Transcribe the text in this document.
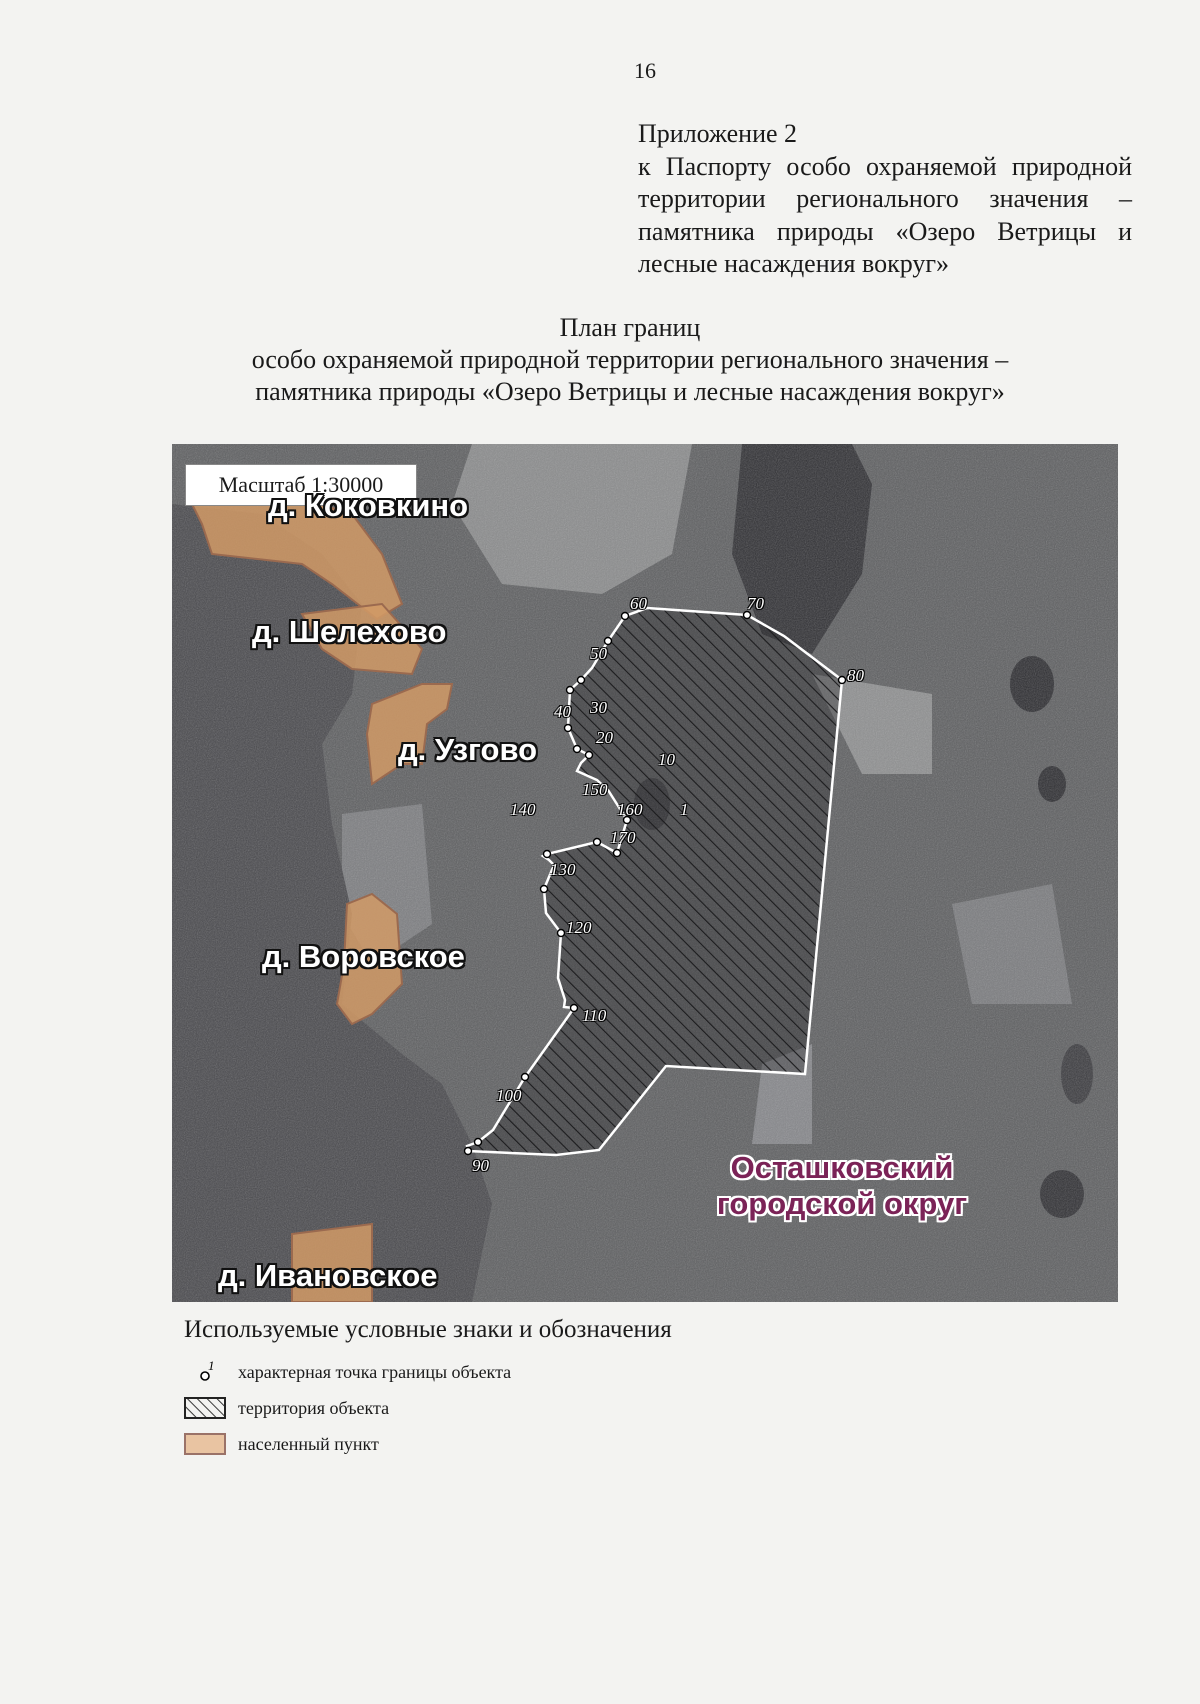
16
Приложение 2
к Паспорту особо охраняемой природной территории регионального значения – памятника природы «Озеро Ветрицы и лесные насаждения вокруг»
План границ
особо охраняемой природной территории регионального значения –
памятника природы «Озеро Ветрицы и лесные насаждения вокруг»
Масштаб 1:30000
д. Коковкино
д. Шелехово
д. Узгово
д. Воровское
д. Ивановское
Осташковский
городской округ
60	70
50
80
40 30
20
10
150
140	160 1
170
130
120
110
100
90
Используемые условные знаки и обозначения
1 характерная точка границы объекта
территория объекта
населенный пункт
